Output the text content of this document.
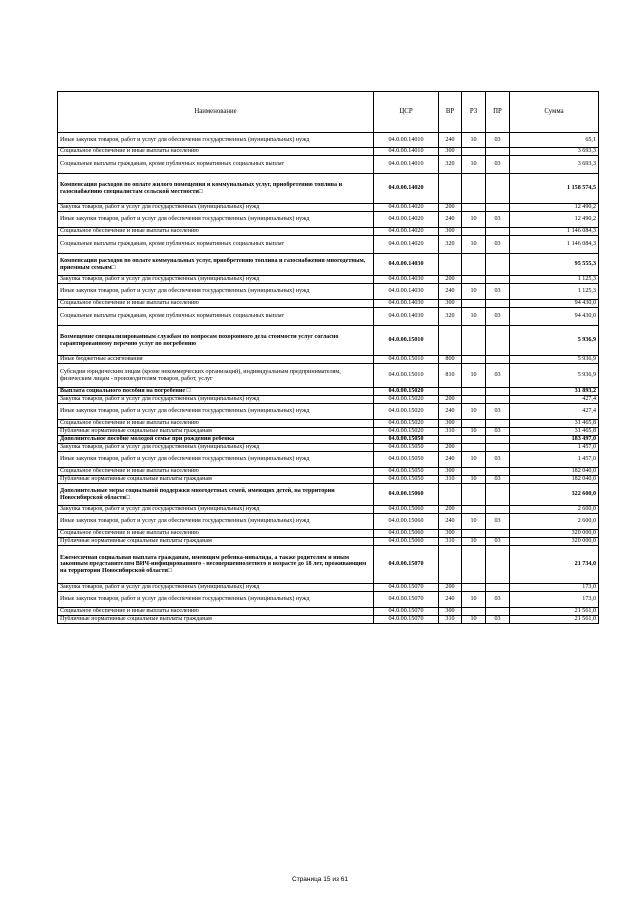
Наименование	ЦСР	ВР	РЗ	ПР	Сумма
Иные закупки товаров, работ и услуг для обеспечения государственных (муниципальных) нужд	04.0.00.14010	240	10	03	65,1
Социальное обеспечение и иные выплаты населению	04.0.00.14010	300			3 693,3
Социальные выплаты гражданам, кроме публичных нормативных социальных выплат	04.0.00.14010	320	10	03	3 693,3
Компенсация расходов по оплате жилого помещения и коммунальных услуг, приобретению топлива и газоснабжению специалистам сельской местности□	04.0.00.14020				1 158 574,5
Закупка товаров, работ и услуг для государственных (муниципальных) нужд	04.0.00.14020	200			12 490,2
Иные закупки товаров, работ и услуг для обеспечения государственных (муниципальных) нужд	04.0.00.14020	240	10	03	12 490,2
Социальное обеспечение и иные выплаты населению	04.0.00.14020	300			1 146 084,3
Социальные выплаты гражданам, кроме публичных нормативных социальных выплат	04.0.00.14020	320	10	03	1 146 084,3
Компенсация расходов по оплате коммунальных услуг, приобретению топлива и газоснабжения многодетным, приемным семьям□	04.0.00.14030				95 555,3
Закупка товаров, работ и услуг для государственных (муниципальных) нужд	04.0.00.14030	200			1 125,3
Иные закупки товаров, работ и услуг для обеспечения государственных (муниципальных) нужд	04.0.00.14030	240	10	03	1 125,3
Социальное обеспечение и иные выплаты населению	04.0.00.14030	300			94 430,0
Социальные выплаты гражданам, кроме публичных нормативных социальных выплат	04.0.00.14030	320	10	03	94 430,0
Возмещение специализированным службам по вопросам похоронного дела стоимости услуг согласно гарантированному перечню услуг по погребению	04.0.00.15010				5 936,9
Иные бюджетные ассигнования	04.0.00.15010	800			5 936,9
Субсидии юридическим лицам (кроме некоммерческих организаций), индивидуальным предпринимателям, физическим лицам - производителям товаров, работ, услуг	04.0.00.15010	810	10	03	5 936,9
Выплата социального пособия на погребение □	04.0.00.15020				31 893,2
Закупка товаров, работ и услуг для государственных (муниципальных) нужд	04.0.00.15020	200			427,4
Иные закупки товаров, работ и услуг для обеспечения государственных (муниципальных) нужд	04.0.00.15020	240	10	03	427,4
Социальное обеспечение и иные выплаты населению	04.0.00.15020	300			31 465,8
Публичные нормативные социальные выплаты гражданам	04.0.00.15020	310	10	03	31 465,8
Дополнительное пособие молодой семье при рождении ребенка	04.0.00.15050				183 497,0
Закупка товаров, работ и услуг для государственных (муниципальных) нужд	04.0.00.15050	200			1 457,0
Иные закупки товаров, работ и услуг для обеспечения государственных (муниципальных) нужд	04.0.00.15050	240	10	03	1 457,0
Социальное обеспечение и иные выплаты населению	04.0.00.15050	300			182 040,0
Публичные нормативные социальные выплаты гражданам	04.0.00.15050	310	10	03	182 040,0
Дополнительные меры социальной поддержки многодетных семей, имеющих детей, на территории Новосибирской области□	04.0.00.15060				322 600,0
Закупка товаров, работ и услуг для государственных (муниципальных) нужд	04.0.00.15060	200			2 600,0
Иные закупки товаров, работ и услуг для обеспечения государственных (муниципальных) нужд	04.0.00.15060	240	10	03	2 600,0
Социальное обеспечение и иные выплаты населению	04.0.00.15060	300			320 000,0
Публичные нормативные социальные выплаты гражданам	04.0.00.15060	310	10	03	320 000,0
Ежемесячная социальная выплата гражданам, имеющим ребенка-инвалида, а также родителям и иным законным представителям ВИЧ-инфицированного - несовершеннолетнего в возрасте до 18 лет, проживающим на территории Новосибирской области□	04.0.00.15070				21 734,0
Закупка товаров, работ и услуг для государственных (муниципальных) нужд	04.0.00.15070	200			173,0
Иные закупки товаров, работ и услуг для обеспечения государственных (муниципальных) нужд	04.0.00.15070	240	10	03	173,0
Социальное обеспечение и иные выплаты населению	04.0.00.15070	300			21 561,0
Публичные нормативные социальные выплаты гражданам	04.0.00.15070	310	10	03	21 561,0
Страница 15 из 61
